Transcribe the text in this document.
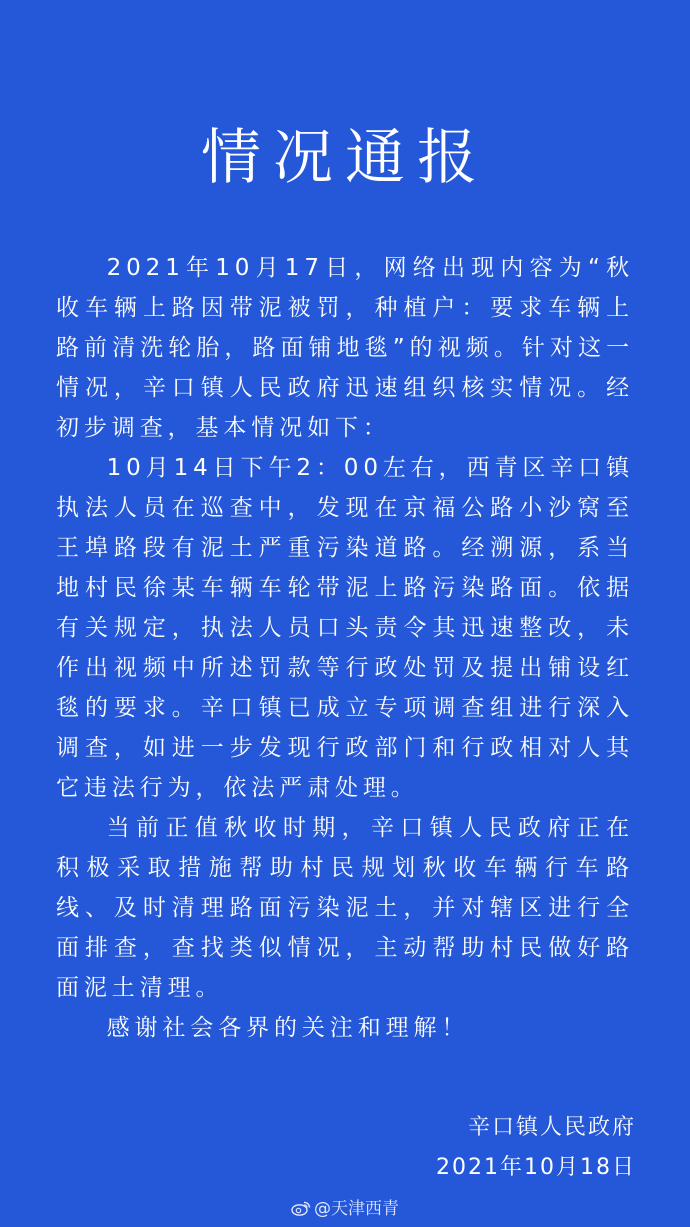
情况通报

2021年10月17日，网络出现内容为“秋收车辆上路因带泥被罚，种植户：要求车辆上路前清洗轮胎，路面铺地毯”的视频。针对这一情况，辛口镇人民政府迅速组织核实情况。经初步调查，基本情况如下：

10月14日下午2：00左右，西青区辛口镇执法人员在巡查中，发现在京福公路小沙窝至王埠路段有泥土严重污染道路。经溯源，系当地村民徐某车辆车轮带泥上路污染路面。依据有关规定，执法人员口头责令其迅速整改，未作出视频中所述罚款等行政处罚及提出铺设红毯的要求。辛口镇已成立专项调查组进行深入调查，如进一步发现行政部门和行政相对人其它违法行为，依法严肃处理。

当前正值秋收时期，辛口镇人民政府正在积极采取措施帮助村民规划秋收车辆行车路线、及时清理路面污染泥土，并对辖区进行全面排查，查找类似情况，主动帮助村民做好路面泥土清理。

感谢社会各界的关注和理解！

辛口镇人民政府
2021年10月18日
@天津西青
